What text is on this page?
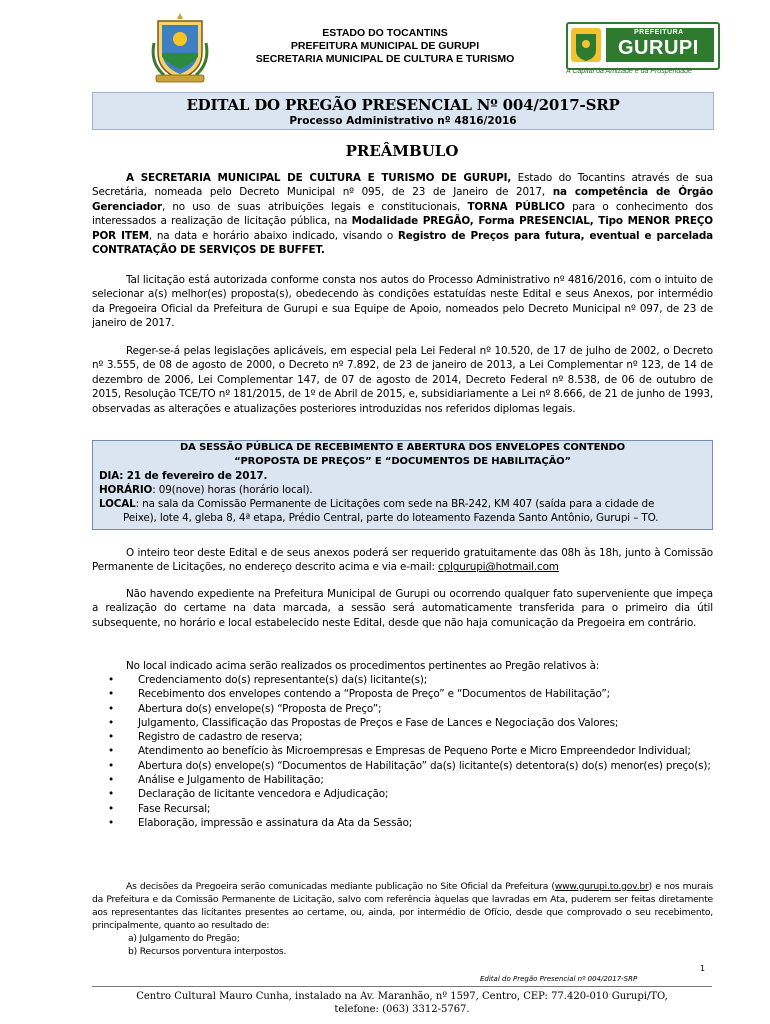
ESTADO DO TOCANTINS
PREFEITURA MUNICIPAL DE GURUPI
SECRETARIA MUNICIPAL DE CULTURA E TURISMO
PREFEITURA
GURUPI
A Capital da Amizade e da Prosperidade
EDITAL DO PREGÃO PRESENCIAL Nº 004/2017-SRP
Processo Administrativo nº 4816/2016
PREÂMBULO
A SECRETARIA MUNICIPAL DE CULTURA E TURISMO DE GURUPI, Estado do Tocantins através de sua Secretária, nomeada pelo Decreto Municipal nº 095, de 23 de Janeiro de 2017, na competência de Órgão Gerenciador, no uso de suas atribuições legais e constitucionais, TORNA PÚBLICO para o conhecimento dos interessados a realização de licitação pública, na Modalidade PREGÃO, Forma PRESENCIAL, Tipo MENOR PREÇO POR ITEM, na data e horário abaixo indicado, visando o Registro de Preços para futura, eventual e parcelada CONTRATAÇÃO DE SERVIÇOS DE BUFFET.
Tal licitação está autorizada conforme consta nos autos do Processo Administrativo nº 4816/2016, com o intuito de selecionar a(s) melhor(es) proposta(s), obedecendo às condições estatuídas neste Edital e seus Anexos, por intermédio da Pregoeira Oficial da Prefeitura de Gurupi e sua Equipe de Apoio, nomeados pelo Decreto Municipal nº 097, de 23 de janeiro de 2017.
Reger-se-á pelas legislações aplicáveis, em especial pela Lei Federal nº 10.520, de 17 de julho de 2002, o Decreto nº 3.555, de 08 de agosto de 2000, o Decreto nº 7.892, de 23 de janeiro de 2013, a Lei Complementar nº 123, de 14 de dezembro de 2006, Lei Complementar 147, de 07 de agosto de 2014, Decreto Federal nº 8.538, de 06 de outubro de 2015, Resolução TCE/TO nº 181/2015, de 1º de Abril de 2015, e, subsidiariamente a Lei nº 8.666, de 21 de junho de 1993, observadas as alterações e atualizações posteriores introduzidas nos referidos diplomas legais.
DA SESSÃO PÚBLICA DE RECEBIMENTO E ABERTURA DOS ENVELOPES CONTENDO
“PROPOSTA DE PREÇOS” E “DOCUMENTOS DE HABILITAÇÃO”
DIA: 21 de fevereiro de 2017.
HORÁRIO: 09(nove) horas (horário local).
LOCAL: na sala da Comissão Permanente de Licitações com sede na BR-242, KM 407 (saída para a cidade de
Peixe), lote 4, gleba 8, 4ª etapa, Prédio Central, parte do loteamento Fazenda Santo Antônio, Gurupi – TO.
O inteiro teor deste Edital e de seus anexos poderá ser requerido gratuitamente das 08h às 18h, junto à Comissão Permanente de Licitações, no endereço descrito acima e via e-mail: cplgurupi@hotmail.com
Não havendo expediente na Prefeitura Municipal de Gurupi ou ocorrendo qualquer fato superveniente que impeça a realização do certame na data marcada, a sessão será automaticamente transferida para o primeiro dia útil subsequente, no horário e local estabelecido neste Edital, desde que não haja comunicação da Pregoeira em contrário.
No local indicado acima serão realizados os procedimentos pertinentes ao Pregão relativos à:
• Credenciamento do(s) representante(s) da(s) licitante(s);
• Recebimento dos envelopes contendo a “Proposta de Preço” e “Documentos de Habilitação”;
• Abertura do(s) envelope(s) “Proposta de Preço”;
• Julgamento, Classificação das Propostas de Preços e Fase de Lances e Negociação dos Valores;
• Registro de cadastro de reserva;
• Atendimento ao benefício às Microempresas e Empresas de Pequeno Porte e Micro Empreendedor Individual;
• Abertura do(s) envelope(s) “Documentos de Habilitação” da(s) licitante(s) detentora(s) do(s) menor(es) preço(s);
• Análise e Julgamento de Habilitação;
• Declaração de licitante vencedora e Adjudicação;
• Fase Recursal;
• Elaboração, impressão e assinatura da Ata da Sessão;
As decisões da Pregoeira serão comunicadas mediante publicação no Site Oficial da Prefeitura (www.gurupi.to.gov.br) e nos murais da Prefeitura e da Comissão Permanente de Licitação, salvo com referência àquelas que lavradas em Ata, puderem ser feitas diretamente aos representantes das licitantes presentes ao certame, ou, ainda, por intermédio de Ofício, desde que comprovado o seu recebimento, principalmente, quanto ao resultado de:
a) Julgamento do Pregão;
b) Recursos porventura interpostos.
1
Edital do Pregão Presencial nº 004/2017-SRP
Centro Cultural Mauro Cunha, instalado na Av. Maranhão, nº 1597, Centro, CEP: 77.420-010 Gurupi/TO,
telefone: (063) 3312-5767.
